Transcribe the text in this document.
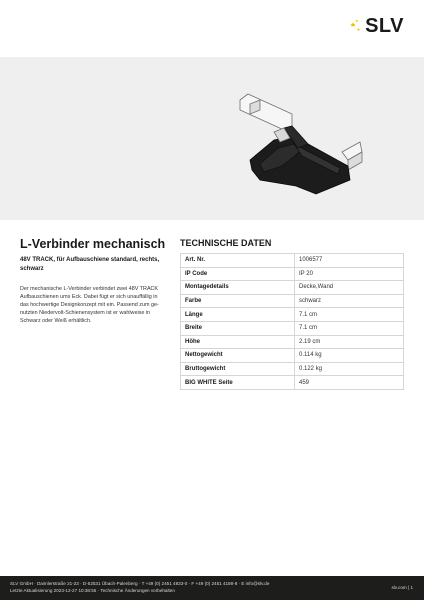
SLV
L-Verbinder mechanisch

48V TRACK, für Aufbauschiene standard, rechts, schwarz

Der mechanische L-Verbinder verbindet zwei 48V TRACK Aufbauschienen ums Eck. Dabei fügt er sich unauffällig in das hochwertige Designkonzept mit ein. Passend zum ge-nutzten Niedervolt-Schienensystem ist er wahlweise in Schwarz oder Weiß erhältlich.

TECHNISCHE DATEN
Art. Nr.	1006577
IP Code	IP 20
Montagedetails	Decke,Wand
Farbe	schwarz
Länge	7.1 cm
Breite	7.1 cm
Höhe	2.19 cm
Nettogewicht	0.114 kg
Bruttogewicht	0.122 kg
BIG WHITE Seite	459
SLV GmbH · Daimlerstraße 21-23 · D-52531 Übach-Palenberg · T +49 (0) 2451 4833-0 · F +49 (0) 2451 4188-8 · E info@slv.de
Letzte Aktualisierung 2023-12-27 10:38:55 · Technische Änderungen vorbehalten
slv.com | 1
